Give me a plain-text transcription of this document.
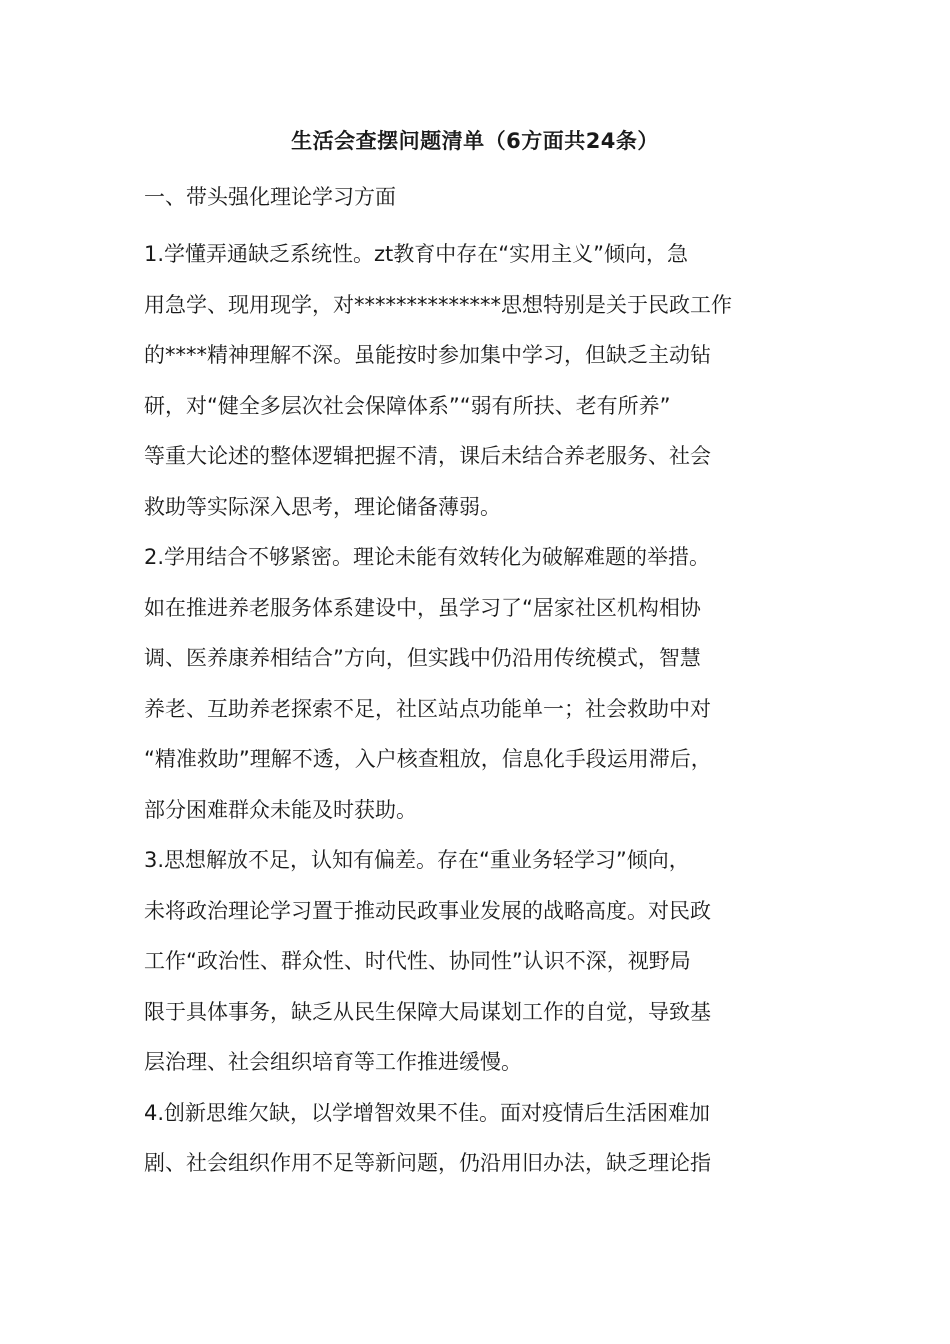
生活会查摆问题清单（6方面共24条）
一、带头强化理论学习方面
1.学懂弄通缺乏系统性。zt教育中存在“实用主义”倾向，急
用急学、现用现学，对**************思想特别是关于民政工作
的****精神理解不深。虽能按时参加集中学习，但缺乏主动钻
研，对“健全多层次社会保障体系”“弱有所扶、老有所养”
等重大论述的整体逻辑把握不清，课后未结合养老服务、社会
救助等实际深入思考，理论储备薄弱。
2.学用结合不够紧密。理论未能有效转化为破解难题的举措。
如在推进养老服务体系建设中，虽学习了“居家社区机构相协
调、医养康养相结合”方向，但实践中仍沿用传统模式，智慧
养老、互助养老探索不足，社区站点功能单一；社会救助中对
“精准救助”理解不透，入户核查粗放，信息化手段运用滞后，
部分困难群众未能及时获助。
3.思想解放不足，认知有偏差。存在“重业务轻学习”倾向，
未将政治理论学习置于推动民政事业发展的战略高度。对民政
工作“政治性、群众性、时代性、协同性”认识不深，视野局
限于具体事务，缺乏从民生保障大局谋划工作的自觉，导致基
层治理、社会组织培育等工作推进缓慢。
4.创新思维欠缺，以学增智效果不佳。面对疫情后生活困难加
剧、社会组织作用不足等新问题，仍沿用旧办法，缺乏理论指
